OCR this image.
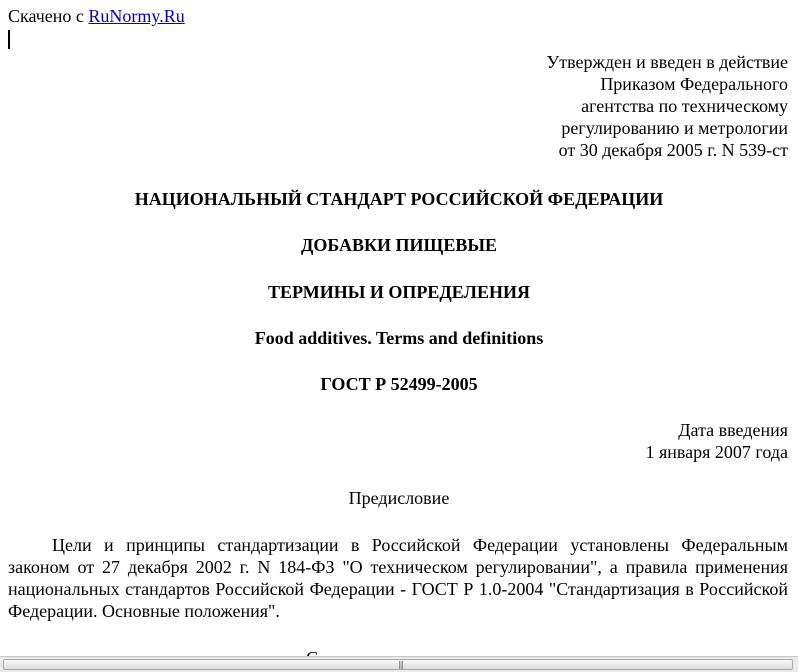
Скачено с RuNormy.Ru
Утвержден и введен в действие
Приказом Федерального
агентства по техническому
регулированию и метрологии
от 30 декабря 2005 г. N 539-ст
НАЦИОНАЛЬНЫЙ СТАНДАРТ РОССИЙСКОЙ ФЕДЕРАЦИИ
ДОБАВКИ ПИЩЕВЫЕ
ТЕРМИНЫ И ОПРЕДЕЛЕНИЯ
Food additives. Terms and definitions
ГОСТ Р 52499-2005
Дата введения
1 января 2007 года
Предисловие
Цели и принципы стандартизации в Российской Федерации установлены Федеральным законом от 27 декабря 2002 г. N 184-ФЗ "О техническом регулировании", а правила применения национальных стандартов Российской Федерации - ГОСТ Р 1.0-2004 "Стандартизация в Российской Федерации. Основные положения".
|||
